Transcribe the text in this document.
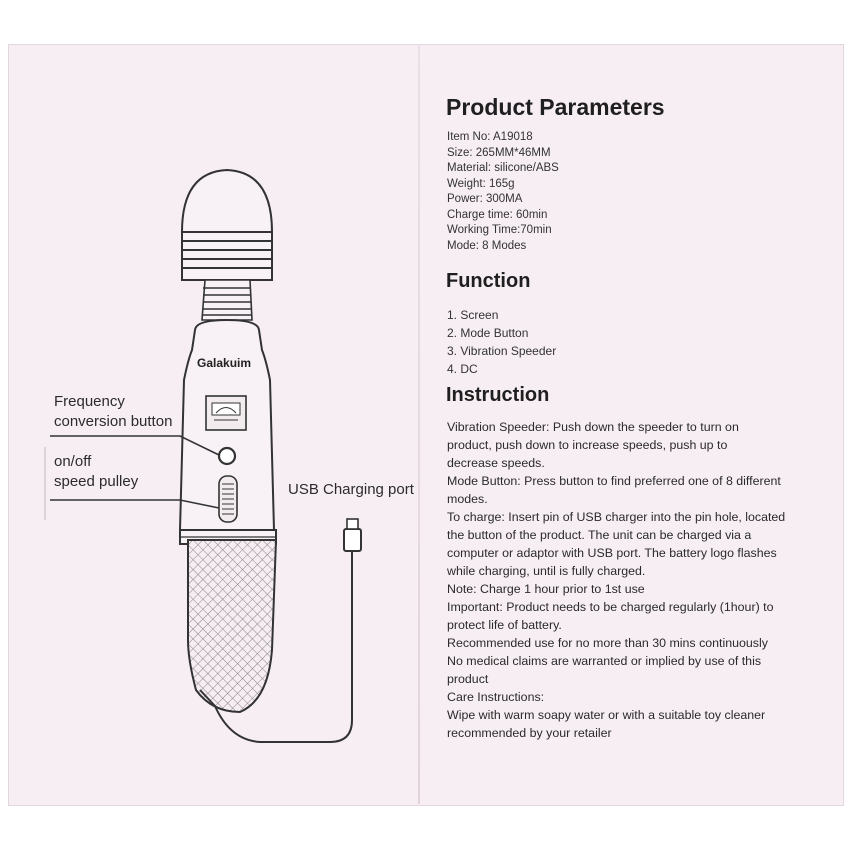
Galakuim
Frequency
conversion button
on/off
speed pulley	USB Charging port
Product Parameters
Item No: A19018
Size: 265MM*46MM
Material: silicone/ABS
Weight: 165g
Power: 300MA
Charge time: 60min
Working Time:70min
Mode: 8 Modes
Function
1. Screen
2. Mode Button
3. Vibration Speeder
4. DC
Instruction
Vibration Speeder: Push down the speeder to turn on
product, push down to increase speeds, push up to
decrease speeds.
Mode Button: Press button to find preferred one of 8 different
modes.
To charge: Insert pin of USB charger into the pin hole, located
the button of the product. The unit can be charged via a
computer or adaptor with USB port. The battery logo flashes
while charging, until is fully charged.
Note: Charge 1 hour prior to 1st use
Important: Product needs to be charged regularly (1hour) to
protect life of battery.
Recommended use for no more than 30 mins continuously
No medical claims are warranted or implied by use of this
product
Care Instructions:
Wipe with warm soapy water or with a suitable toy cleaner
recommended by your retailer
